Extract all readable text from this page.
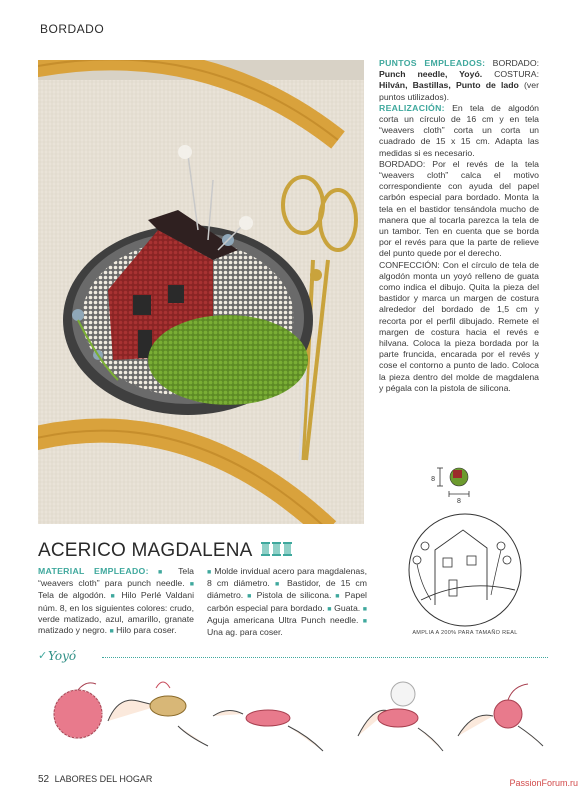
BORDADO

PUNTOS EMPLEADOS: BORDADO: Punch needle, Yoyó. COSTURA: Hilván, Bastillas, Punto de lado (ver puntos utilizados).

REALIZACIÓN: En tela de algodón corta un círculo de 16 cm y en tela “weavers cloth” corta un corta un cuadrado de 15 x 15 cm. Adapta las medidas si es necesario.

BORDADO: Por el revés de la tela “weavers cloth” calca el motivo correspondiente con ayuda del papel carbón especial para bordado. Monta la tela en el bastidor tensándola mucho de manera que al tocarla parezca la tela de un tambor. Ten en cuenta que se borda por el revés para que la parte de relieve del punto quede por el derecho.

CONFECCIÓN: Con el círculo de tela de algodón monta un yoyó relleno de guata como indica el dibujo. Quita la pieza del bastidor y marca un margen de costura alrededor del bordado de 1,5 cm y recorta por el perfil dibujado. Remete el margen de costura hacia el revés e hilvana. Coloca la pieza bordada por la parte fruncida, encarada por el revés y cose el contorno a punto de lado. Coloca la pieza dentro del molde de magdalena y pégala con la pistola de silicona.

8
8
AMPLIA A 200% PARA TAMAÑO REAL
ACERICO MAGDALENA
MATERIAL EMPLEADO: ■ Tela “weavers cloth” para punch needle. ■ Tela de algodón. ■ Hilo Perlé Valdani núm. 8, en los siguientes colores: crudo, verde matizado, azul, amarillo, granate matizado y negro. ■ Hilo para coser.
■ Molde invidual acero para magdalenas, 8 cm diámetro. ■ Bastidor, de 15 cm diámetro. ■ Pistola de silicona. ■ Papel carbón especial para bordado. ■ Guata. ■ Aguja americana Ultra Punch needle. ■ Una ag. para coser.
✓ Yoyó
52 LABORES DEL HOGAR	PassionForum.ru
